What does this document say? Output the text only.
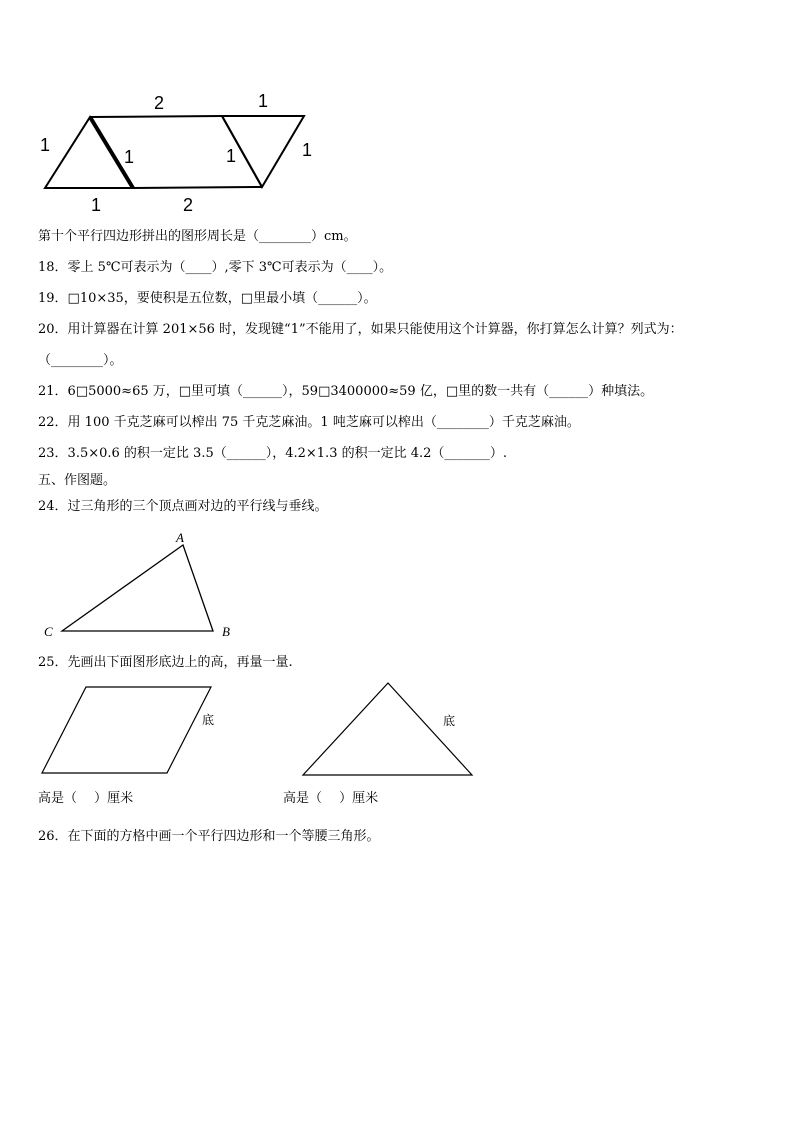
2	1
1
1	1	1
1	2
第十个平行四边形拼出的图形周长是（________）cm。
18．零上 5℃可表示为（____）,零下 3℃可表示为（____）。
19．□10×35，要使积是五位数，□里最小填（______）。
20．用计算器在计算 201×56 时，发现键“1”不能用了，如果只能使用这个计算器，你打算怎么计算？列式为：
（________）。
21．6□5000≈65 万，□里可填（______），59□3400000≈59 亿，□里的数一共有（______）种填法。
22．用 100 千克芝麻可以榨出 75 千克芝麻油。1 吨芝麻可以榨出（________）千克芝麻油。
23．3.5×0.6 的积一定比 3.5（______），4.2×1.3 的积一定比 4.2（_______）.
五、作图题。
24．过三角形的三个顶点画对边的平行线与垂线。
A
B
C
25．先画出下面图形底边上的高，再量一量.
底	底
高是（　 ）厘米	高是（　 ）厘米
26．在下面的方格中画一个平行四边形和一个等腰三角形。
